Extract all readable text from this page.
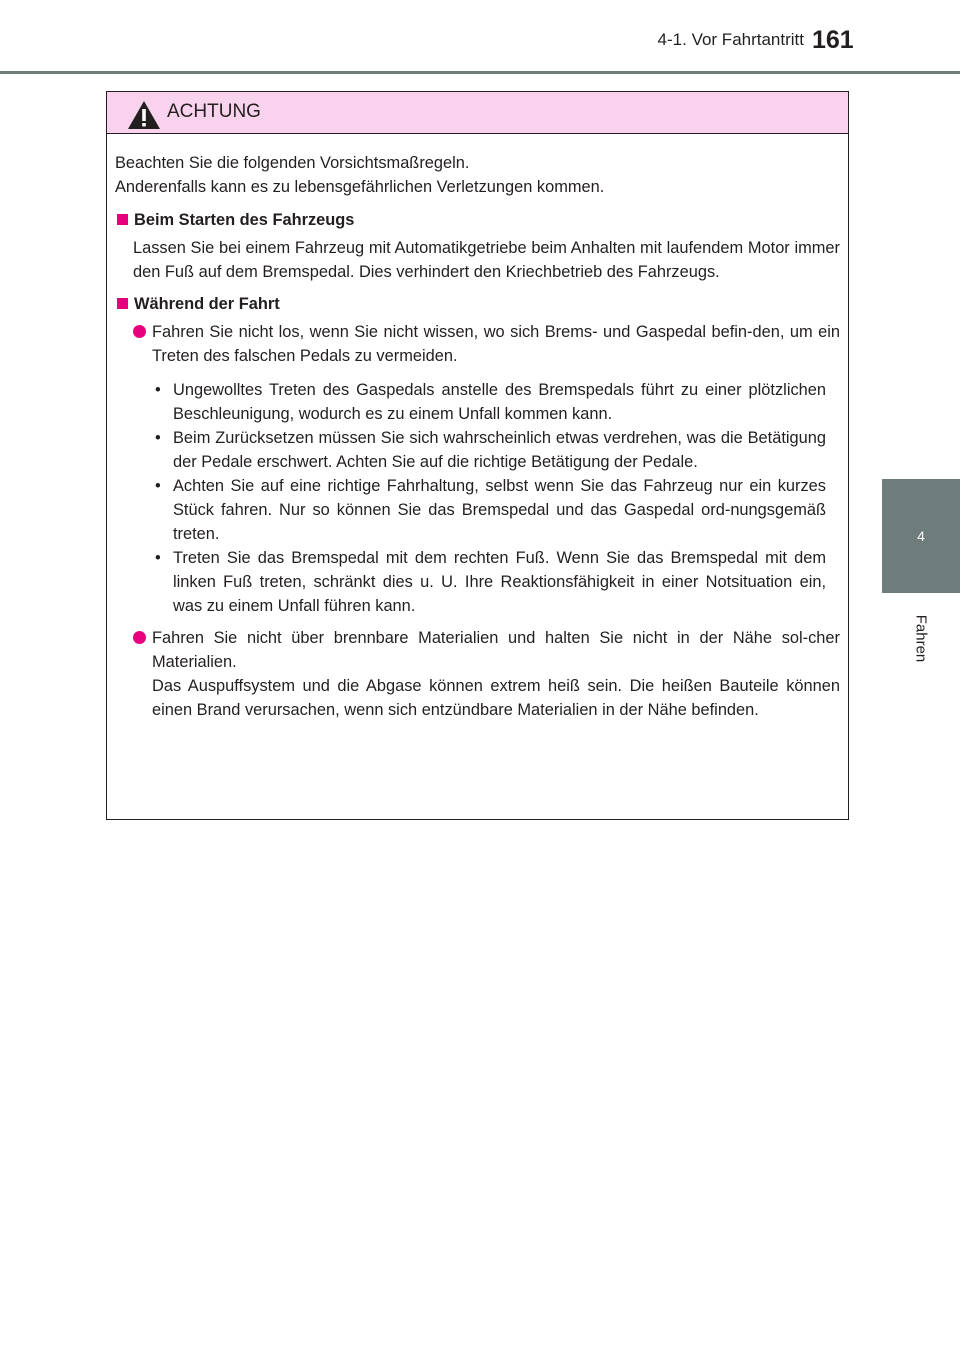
4-1. Vor Fahrtantritt 161
4
Fahren
ACHTUNG

Beachten Sie die folgenden Vorsichtsmaßregeln.

Anderenfalls kann es zu lebensgefährlichen Verletzungen kommen.

Beim Starten des Fahrzeugs

Lassen Sie bei einem Fahrzeug mit Automatikgetriebe beim Anhalten mit laufendem Motor immer den Fuß auf dem Bremspedal. Dies verhindert den Kriechbetrieb des Fahrzeugs.

Während der Fahrt

Fahren Sie nicht los, wenn Sie nicht wissen, wo sich Brems- und Gaspedal befin-den, um ein Treten des falschen Pedals zu vermeiden.

• Ungewolltes Treten des Gaspedals anstelle des Bremspedals führt zu einer plötzlichen Beschleunigung, wodurch es zu einem Unfall kommen kann.

• Beim Zurücksetzen müssen Sie sich wahrscheinlich etwas verdrehen, was die Betätigung der Pedale erschwert. Achten Sie auf die richtige Betätigung der Pedale.

• Achten Sie auf eine richtige Fahrhaltung, selbst wenn Sie das Fahrzeug nur ein kurzes Stück fahren. Nur so können Sie das Bremspedal und das Gaspedal ord-nungsgemäß treten.

• Treten Sie das Bremspedal mit dem rechten Fuß. Wenn Sie das Bremspedal mit dem linken Fuß treten, schränkt dies u. U. Ihre Reaktionsfähigkeit in einer Notsituation ein, was zu einem Unfall führen kann.

Fahren Sie nicht über brennbare Materialien und halten Sie nicht in der Nähe sol-cher Materialien.

Das Auspuffsystem und die Abgase können extrem heiß sein. Die heißen Bauteile können einen Brand verursachen, wenn sich entzündbare Materialien in der Nähe befinden.
